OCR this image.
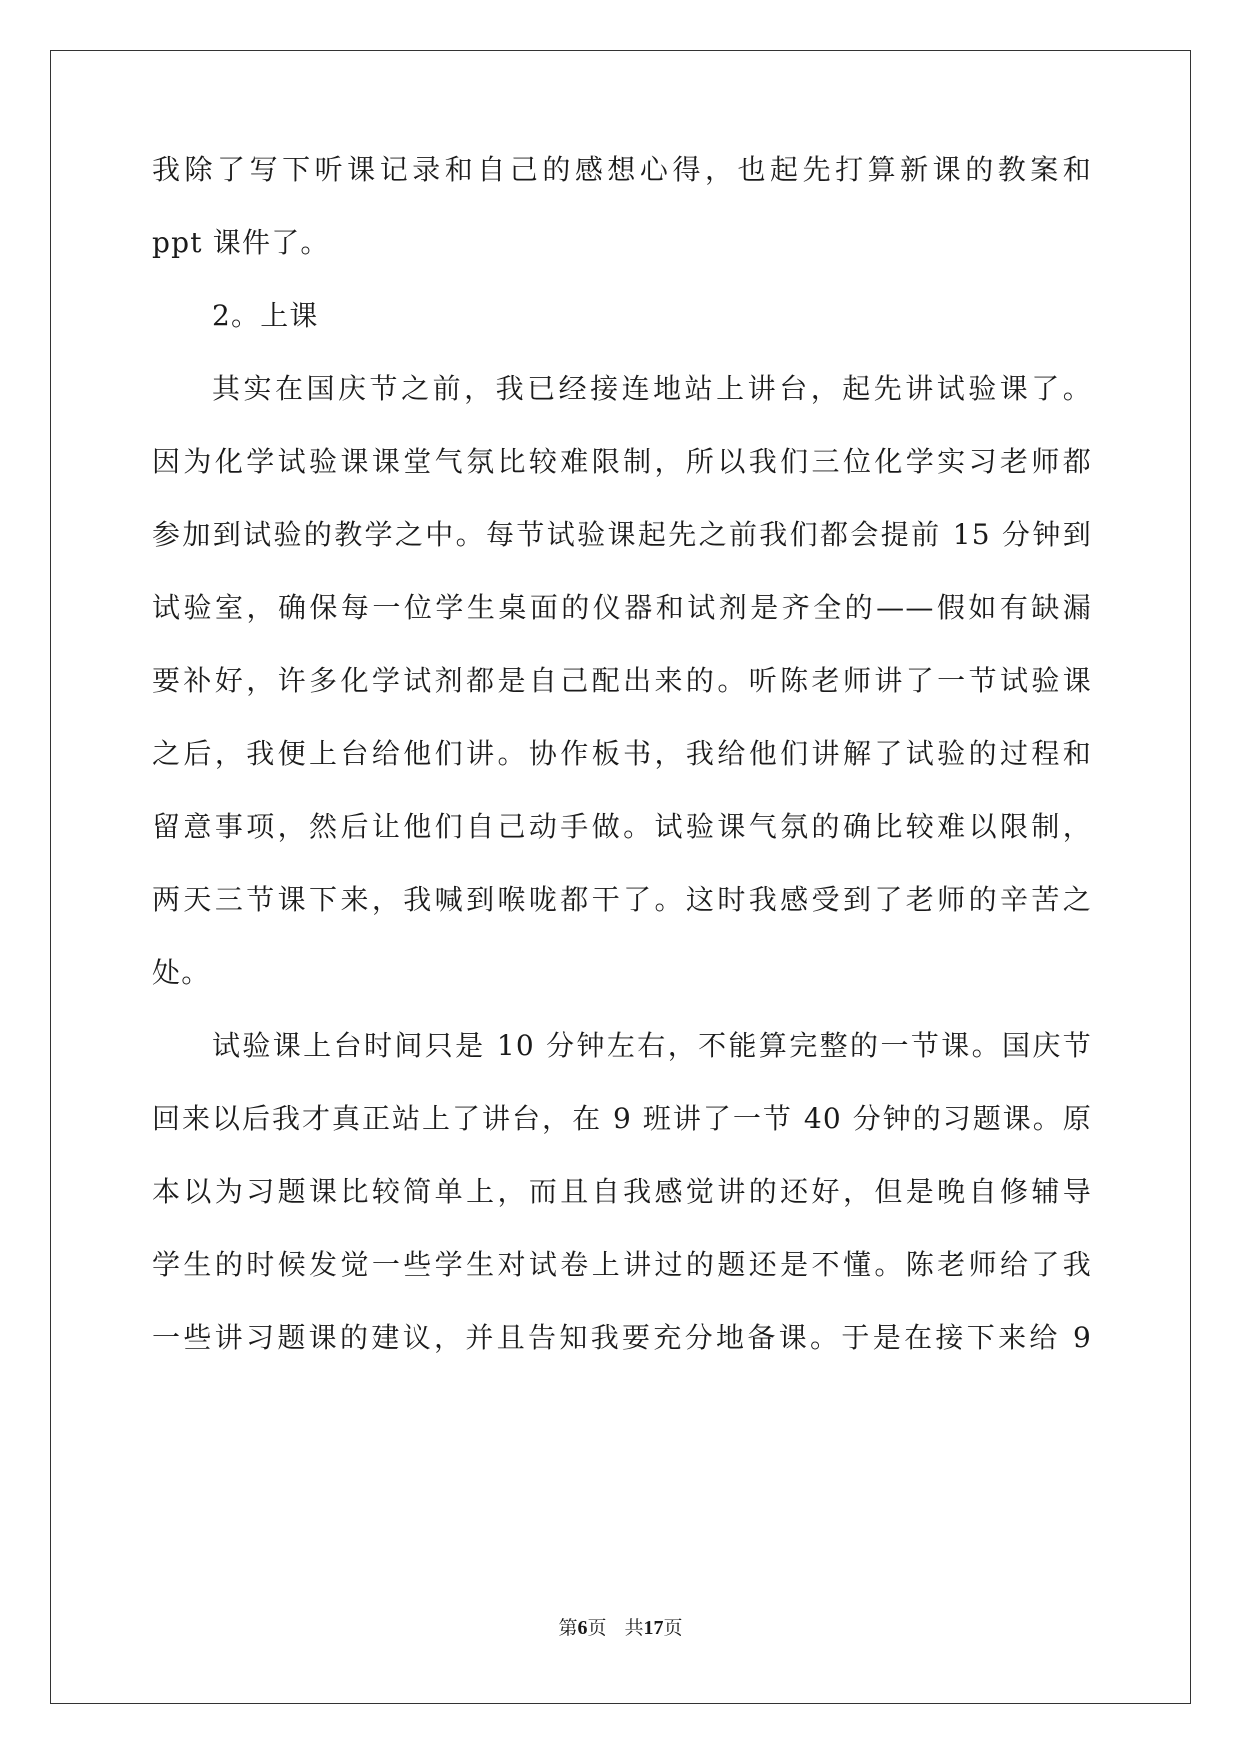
我除了写下听课记录和自己的感想心得，也起先打算新课的教案和
ppt 课件了。
2。上课
其实在国庆节之前，我已经接连地站上讲台，起先讲试验课了。
因为化学试验课课堂气氛比较难限制，所以我们三位化学实习老师都
参加到试验的教学之中。每节试验课起先之前我们都会提前 15 分钟到
试验室，确保每一位学生桌面的仪器和试剂是齐全的——假如有缺漏
要补好，许多化学试剂都是自己配出来的。听陈老师讲了一节试验课
之后，我便上台给他们讲。协作板书，我给他们讲解了试验的过程和
留意事项，然后让他们自己动手做。试验课气氛的确比较难以限制，
两天三节课下来，我喊到喉咙都干了。这时我感受到了老师的辛苦之
处。
试验课上台时间只是 10 分钟左右，不能算完整的一节课。国庆节
回来以后我才真正站上了讲台，在 9 班讲了一节 40 分钟的习题课。原
本以为习题课比较简单上，而且自我感觉讲的还好，但是晚自修辅导
学生的时候发觉一些学生对试卷上讲过的题还是不懂。陈老师给了我
一些讲习题课的建议，并且告知我要充分地备课。于是在接下来给 9
第6页 共17页
